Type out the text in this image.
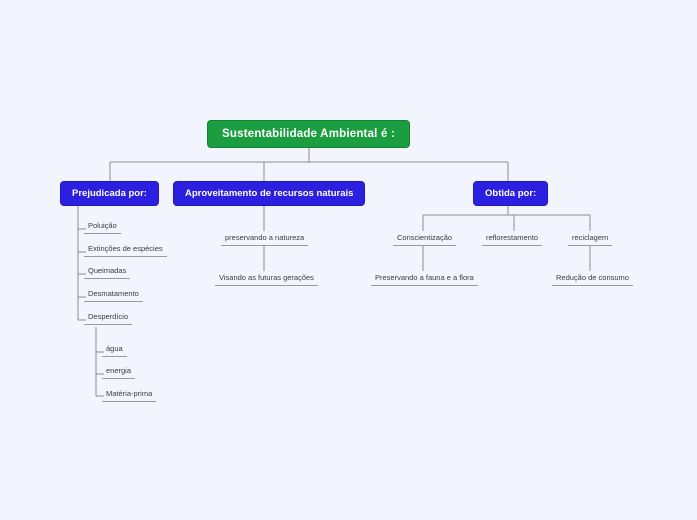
Sustentabilidade Ambiental é :
Prejudicada por:	Aproveitamento de recursos naturais	Obtida por:
Poluição
Extinções de espécies
Queimadas
Desmatamento
Desperdício
água
energia
Matéria-prima
preservando a natureza
Visando as futuras gerações
Conscientização	reflorestamento	reciclagem
Preservando a fauna e a flora	Redução de consumo
